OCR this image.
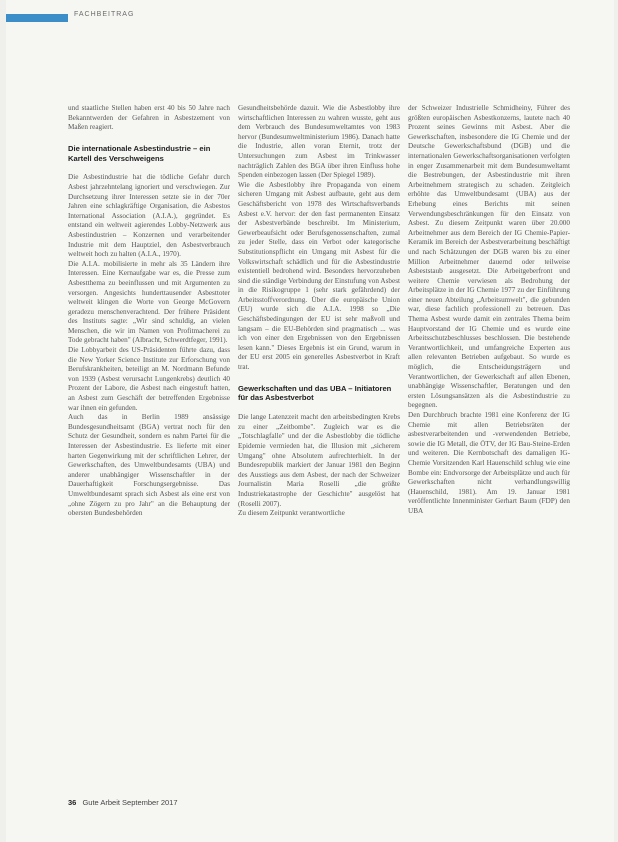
FACHBEITRAG

und staatliche Stellen haben erst 40 bis 50 Jahre nach Bekanntwerden der Gefahren in Asbestzement von Maßen reagiert.

Die internationale Asbestindustrie – ein Kartell des Verschweigens

Die Asbestindustrie hat die tödliche Gefahr durch Asbest jahrzehntelang ignoriert und verschwiegen. Zur Durchsetzung ihrer Interessen setzte sie in der 70er Jahren eine schlagkräftige Organisation, die Asbestos International Association (A.I.A.), gegründet. Es entstand ein weltweit agierendes Lobby-Netzwerk aus Asbestindustrien – Konzernen und verarbeitender Industrie mit dem Hauptziel, den Asbestverbrauch weltweit hoch zu halten (A.I.A., 1970).

Die A.I.A. mobilisierte in mehr als 35 Ländern ihre Interessen. Eine Kernaufgabe war es, die Presse zum Asbestthema zu beeinflussen und mit Argumenten zu versorgen. Angesichts hunderttausender Asbesttoter weltweit klingen die Worte von George McGovern geradezu menschenverachtend. Der frühere Präsident des Instituts sagte: „Wir sind schuldig, an vielen Menschen, die wir im Namen von Profitmacherei zu Tode gebracht haben" (Albracht, Schwerdtfeger, 1991).

Die Lobbyarbeit des US-Präsidenten führte dazu, dass die New Yorker Science Institute zur Erforschung von Berufskrankheiten, beteiligt an M. Nordmann Befunde von 1939 (Asbest verursacht Lungenkrebs) deutlich 40 Prozent der Labore, die Asbest nach eingestuft hatten, an Asbest zum Geschäft der betreffenden Ergebnisse war ihnen ein gefunden.

Auch das in Berlin 1989 ansässige Bundesgesundheitsamt (BGA) vertrat noch für den Schutz der Gesundheit, sondern es nahm Partei für die Interessen der Asbestindustrie. Es lieferte mit einer harten Gegenwirkung mit der schriftlichen Lehrer, der Gewerkschaften, des Umweltbundesamts (UBA) und anderer unabhängiger Wissenschaftler in der Dauerhaftigkeit Forschungsergebnisse. Das Umweltbundesamt sprach sich Asbest als eine erst von „ohne Zögern zu pro Jahr" an die Behauptung der obersten Bundesbehörden

Gesundheitsbehörde dazuit. Wie die Asbestlobby ihre wirtschaftlichen Interessen zu wahren wusste, geht aus dem Verbrauch des Bundesumweltamtes von 1983 hervor (Bundesumweltministerium 1986). Danach hatte die Industrie, allen voran Eternit, trotz der Untersuchungen zum Asbest im Trinkwasser nachträglich Zahlen des BGA über ihren Einfluss hohe Spenden einbezogen lassen (Der Spiegel 1989).

Wie die Asbestlobby ihre Propaganda von einem sicheren Umgang mit Asbest aufbaute, geht aus dem Geschäftsbericht von 1978 des Wirtschaftsverbands Asbest e.V. hervor: der den fast permanenten Einsatz der Asbestverbände beschreibt. Im Ministerium, Gewerbeaufsicht oder Berufsgenossenschaften, zumal zu jeder Stelle, dass ein Verbot oder kategorische Substitutionspflicht ein Umgang mit Asbest für die Volkswirtschaft schädlich und für die Asbestindustrie existentiell bedrohend wird. Besonders hervorzuheben sind die ständige Verbindung der Einstufung von Asbest in die Risikogruppe 1 (sehr stark gefährdend) der Arbeitsstoffverordnung. Über die europäische Union (EU) wurde sich die A.I.A. 1998 so „Die Geschäftsbedingungen der EU ist sehr maßvoll und langsam – die EU-Behörden sind pragmatisch ... was ich von einer den Ergebnissen von den Ergebnissen lesen kann." Dieses Ergebnis ist ein Grund, warum in der EU erst 2005 ein generelles Asbestverbot in Kraft trat.

Gewerkschaften und das UBA – Initiatoren für das Asbestverbot

Die lange Latenzzeit macht den arbeitsbedingten Krebs zu einer „Zeitbombe". Zugleich war es die „Totschlagfalle" und der die Asbestlobby die tödliche Epidemie vermieden hat, die Illusion mit „sicherem Umgang" ohne Absolutem aufrechterhielt. In der Bundesrepublik markiert der Januar 1981 den Beginn des Ausstiegs aus dem Asbest, der nach der Schweizer Journalistin Maria Roselli „die größte Industriekatastrophe der Geschichte" ausgelöst hat (Roselli 2007).

Zu diesem Zeitpunkt verantwortliche

der Schweizer Industrielle Schmidheiny, Führer des größten europäischen Asbestkonzerns, lautete nach 40 Prozent seines Gewinns mit Asbest. Aber die Gewerkschaften, insbesondere die IG Chemie und der Deutsche Gewerkschaftsbund (DGB) und die internationalen Gewerkschaftsorganisationen verfolgten in enger Zusammenarbeit mit dem Bundesumweltamt die Bestrebungen, der Asbestindustrie mit ihren Arbeitnehmern strategisch zu schaden. Zeitgleich erhöhte das Umweltbundesamt (UBA) aus der Erhebung eines Berichts mit seinen Verwendungsbeschränkungen für den Einsatz von Asbest. Zu diesem Zeitpunkt waren über 20.000 Arbeitnehmer aus dem Bereich der IG Chemie-Papier-Keramik im Bereich der Asbestverarbeitung beschäftigt und nach Schätzungen der DGB waren bis zu einer Million Arbeitnehmer dauernd oder teilweise Asbeststaub ausgesetzt. Die Arbeitgeberfront und weitere Chemie verwiesen als Bedrohung der Arbeitsplätze in der IG Chemie 1977 zu der Einführung einer neuen Abteilung „Arbeitsumwelt", die gebunden war, diese fachlich professionell zu betreuen. Das Thema Asbest wurde damit ein zentrales Thema beim Hauptvorstand der IG Chemie und es wurde eine Arbeitsschutzbeschlusses beschlossen. Die bestehende Verantwortlichkeit, und umfangreiche Experten aus allen relevanten Betrieben aufgebaut. So wurde es möglich, die Entscheidungsträgern und Verantwortlichen, der Gewerkschaft auf allen Ebenen, unabhängige Wissenschaftler, Beratungen und den ersten Lösungsansätzen als die Asbestindustrie zu begegnen.

Den Durchbruch brachte 1981 eine Konferenz der IG Chemie mit allen Betriebsräten der asbestverarbeitenden und -verwendenden Betriebe, sowie die IG Metall, die ÖTV, der IG Bau-Steine-Erden und weiteren. Die Kernbotschaft des damaligen IG-Chemie Vorsitzenden Karl Hauenschild schlug wie eine Bombe ein: Endvorsorge der Arbeitsplätze und auch für Gewerkschaften nicht verhandlungswillig (Hauenschild, 1981). Am 19. Januar 1981 veröffentlichte Innenminister Gerhart Baum (FDP) den UBA

36 Gute Arbeit September 2017
